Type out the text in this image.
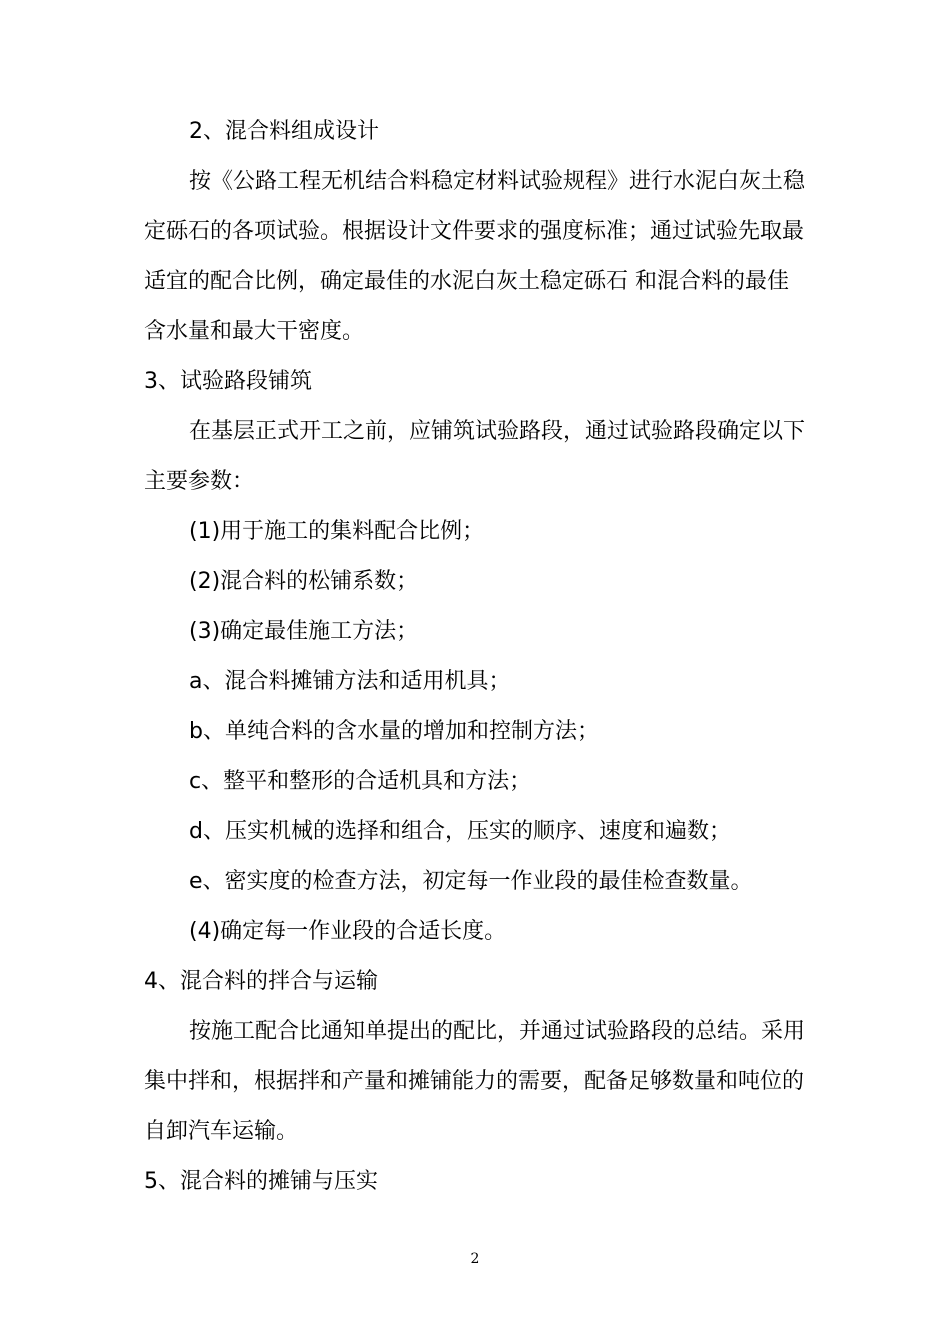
2、混合料组成设计
按《公路工程无机结合料稳定材料试验规程》进行水泥白灰土稳
定砾石的各项试验。根据设计文件要求的强度标准；通过试验先取最
适宜的配合比例，确定最佳的水泥白灰土稳定砾石 和混合料的最佳
含水量和最大干密度。
3、试验路段铺筑
在基层正式开工之前，应铺筑试验路段，通过试验路段确定以下
主要参数：
(1)用于施工的集料配合比例；
(2)混合料的松铺系数；
(3)确定最佳施工方法；
a、混合料摊铺方法和适用机具；
b、单纯合料的含水量的增加和控制方法；
c、整平和整形的合适机具和方法；
d、压实机械的选择和组合，压实的顺序、速度和遍数；
e、密实度的检查方法，初定每一作业段的最佳检查数量。
(4)确定每一作业段的合适长度。
4、混合料的拌合与运输
按施工配合比通知单提出的配比，并通过试验路段的总结。采用
集中拌和，根据拌和产量和摊铺能力的需要，配备足够数量和吨位的
自卸汽车运输。
5、混合料的摊铺与压实
2
